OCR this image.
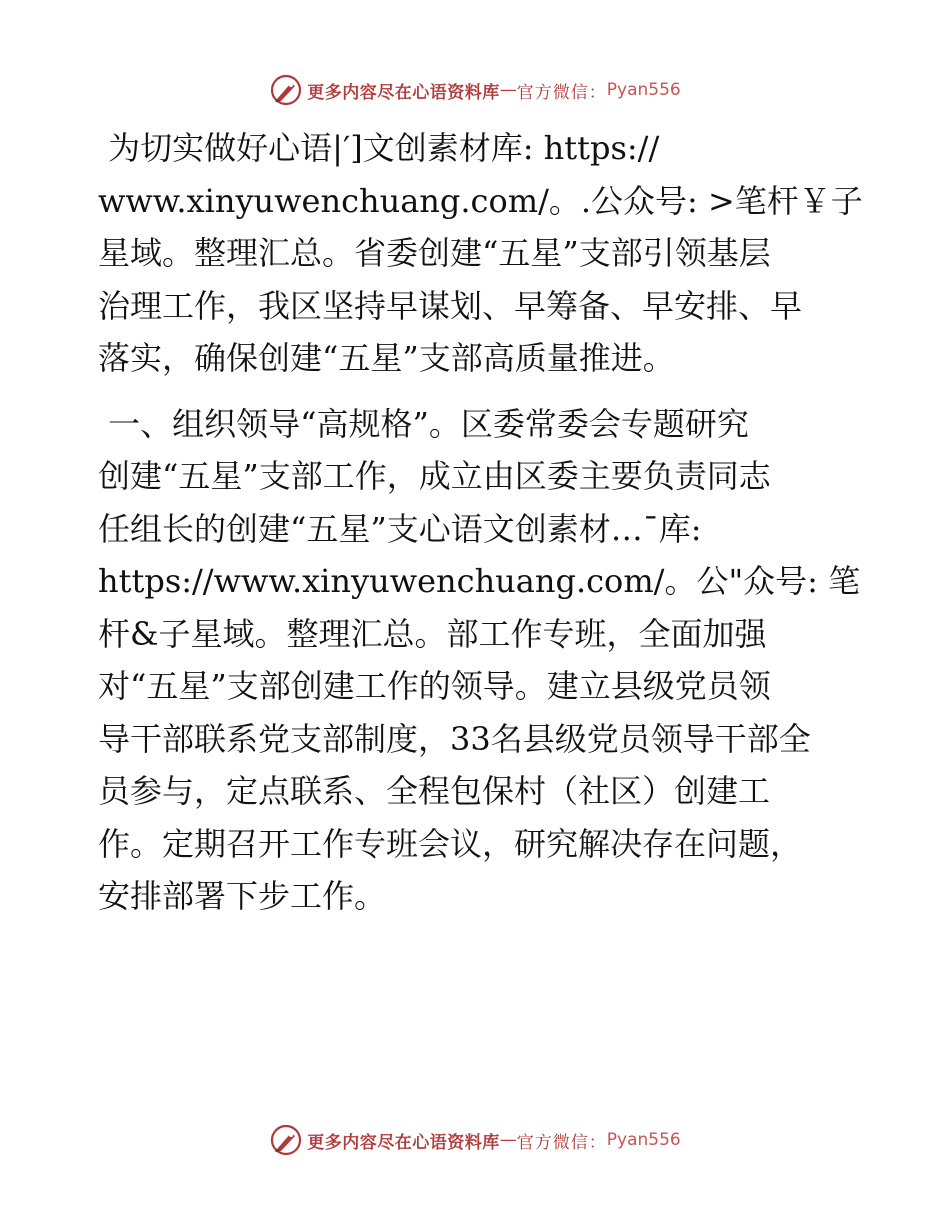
更多内容尽在心语资料库 — 官方微信： Pyan556
为切实做好心语|′]文创素材库: https://
www.xinyuwenchuang.com/。.公众号: >笔杆￥子
星域。整理汇总。省委创建“五星”支部引领基层
治理工作，我区坚持早谋划、早筹备、早安排、早
落实，确保创建“五星”支部高质量推进。
一、组织领导“高规格”。区委常委会专题研究
创建“五星”支部工作，成立由区委主要负责同志
任组长的创建“五星”支心语文创素材…¯库:
https://www.xinyuwenchuang.com/。公"众号: 笔
杆&子星域。整理汇总。部工作专班，全面加强
对“五星”支部创建工作的领导。建立县级党员领
导干部联系党支部制度，33名县级党员领导干部全
员参与，定点联系、全程包保村（社区）创建工
作。定期召开工作专班会议，研究解决存在问题，
安排部署下步工作。
更多内容尽在心语资料库 — 官方微信： Pyan556
